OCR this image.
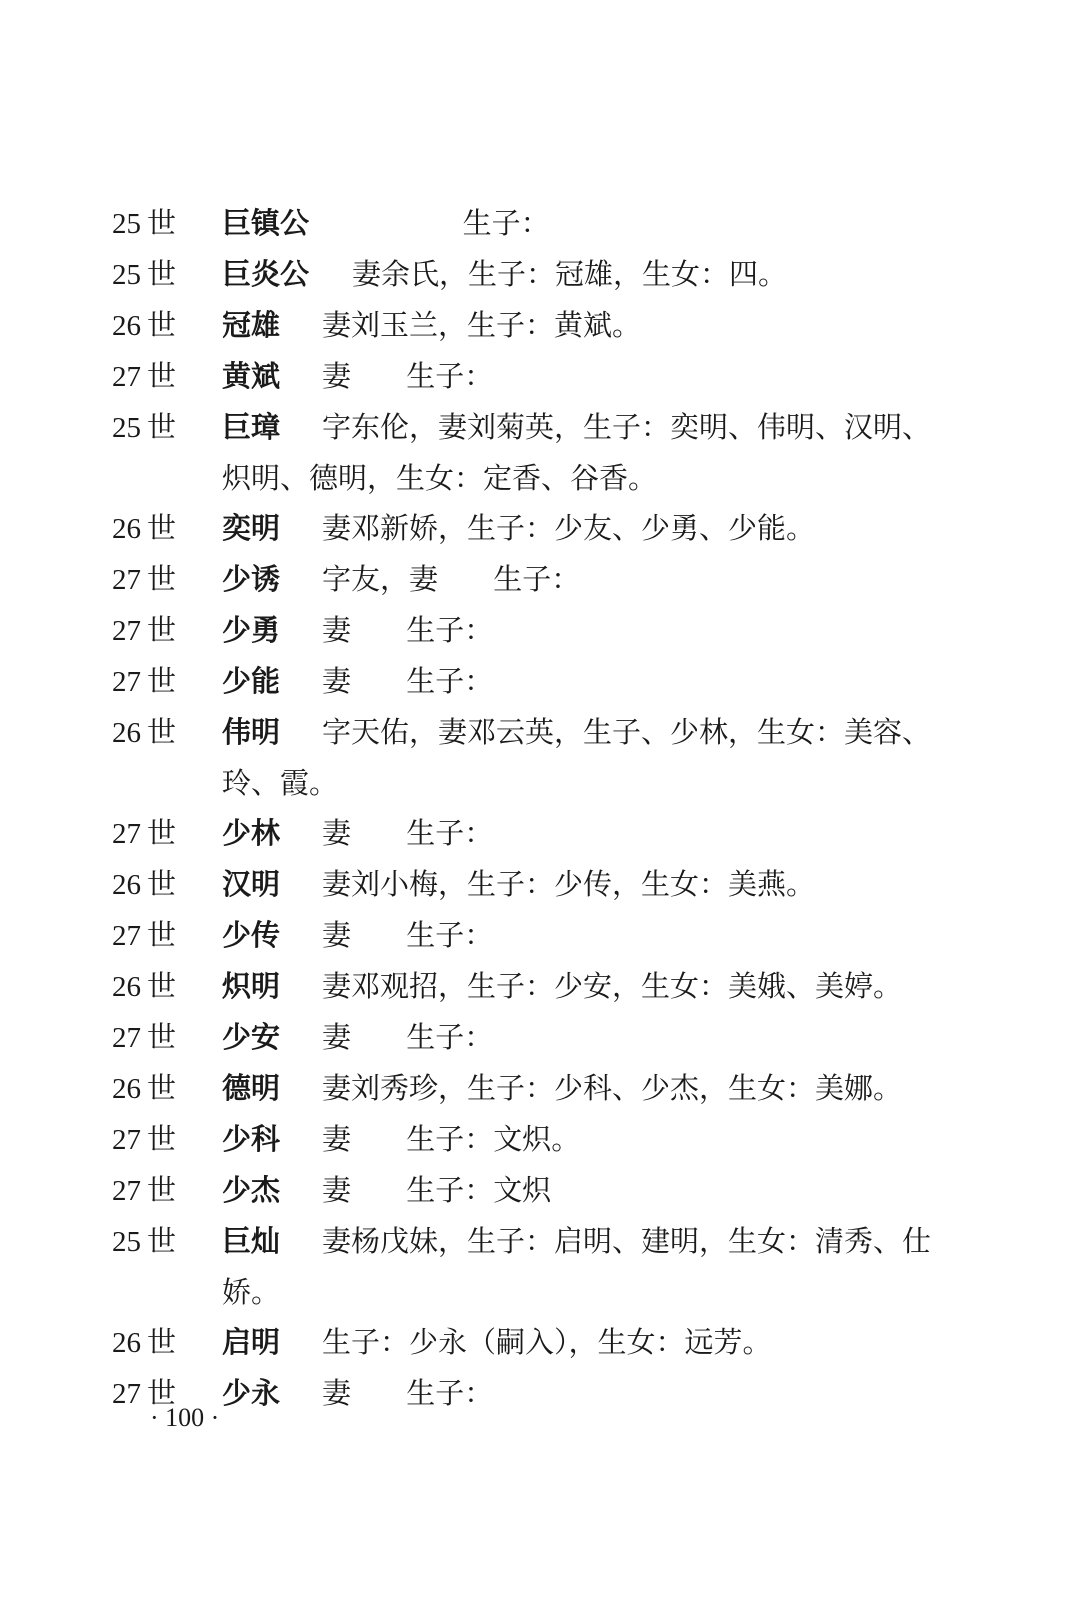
25 世	巨镇公	生子：
25 世	巨炎公	妻余氏，生子：冠雄，生女：四。
26 世	冠雄	妻刘玉兰，生子：黄斌。
27 世	黄斌	妻      生子：
25 世	巨璋	字东伦，妻刘菊英，生子：奕明、伟明、汉明、
炽明、德明，生女：定香、谷香。
26 世	奕明	妻邓新娇，生子：少友、少勇、少能。
27 世	少诱	字友，妻      生子：
27 世	少勇	妻      生子：
27 世	少能	妻      生子：
26 世	伟明	字天佑，妻邓云英，生子、少林，生女：美容、
玲、霞。
27 世	少林	妻      生子：
26 世	汉明	妻刘小梅，生子：少传，生女：美燕。
27 世	少传	妻      生子：
26 世	炽明	妻邓观招，生子：少安，生女：美娥、美婷。
27 世	少安	妻      生子：
26 世	德明	妻刘秀珍，生子：少科、少杰，生女：美娜。
27 世	少科	妻      生子：文炽。
27 世	少杰	妻      生子：文炽
25 世	巨灿	妻杨戊妹，生子：启明、建明，生女：清秀、仕
娇。
26 世	启明	生子：少永（嗣入），生女：远芳。
27 世	少永	妻      生子：
· 100 ·
